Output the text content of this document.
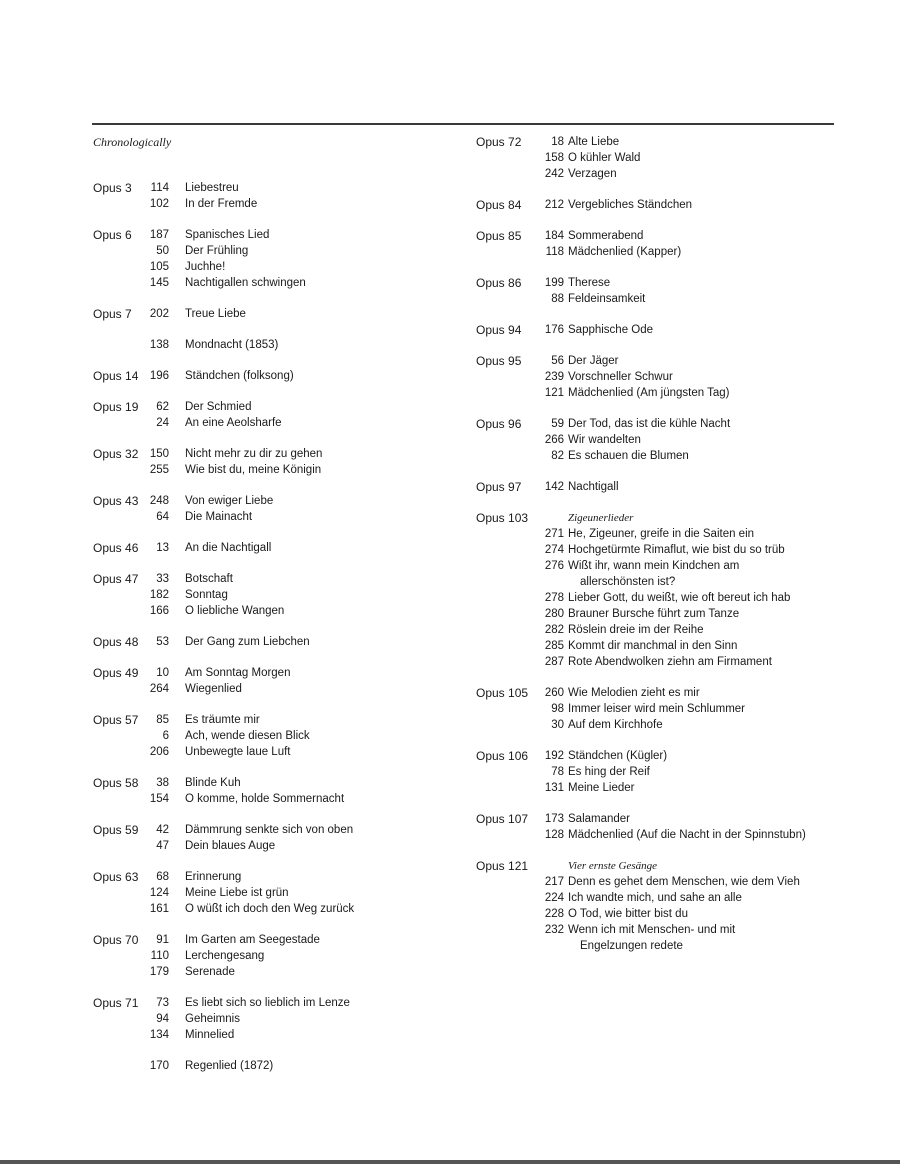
Chronologically
Opus 3	114 Liebestreu
102 In der Fremde
Opus 6	187 Spanisches Lied
50 Der Frühling
105 Juchhe!
145 Nachtigallen schwingen
Opus 7	202 Treue Liebe
138 Mondnacht (1853)
Opus 14 196 Ständchen (folksong)
Opus 19	62 Der Schmied
24 An eine Aeolsharfe
Opus 32 150 Nicht mehr zu dir zu gehen
255 Wie bist du, meine Königin
Opus 43 248 Von ewiger Liebe
64 Die Mainacht
Opus 46	13 An die Nachtigall
Opus 47	33 Botschaft
182 Sonntag
166 O liebliche Wangen
Opus 48	53 Der Gang zum Liebchen
Opus 49	10 Am Sonntag Morgen
264 Wiegenlied
Opus 57	85 Es träumte mir
6 Ach, wende diesen Blick
206 Unbewegte laue Luft
Opus 58	38 Blinde Kuh
154 O komme, holde Sommernacht
Opus 59	42 Dämmrung senkte sich von oben
47 Dein blaues Auge
Opus 63	68 Erinnerung
124 Meine Liebe ist grün
161 O wüßt ich doch den Weg zurück
Opus 70	91 Im Garten am Seegestade
110 Lerchengesang
179 Serenade
Opus 71	73 Es liebt sich so lieblich im Lenze
94 Geheimnis
134 Minnelied
170 Regenlied (1872)
Opus 72	18 Alte Liebe
158 O kühler Wald
242 Verzagen
Opus 84	212 Vergebliches Ständchen
Opus 85	184 Sommerabend
118 Mädchenlied (Kapper)
Opus 86	199 Therese
88 Feldeinsamkeit
Opus 94	176 Sapphische Ode
Opus 95	56 Der Jäger
239 Vorschneller Schwur
121 Mädchenlied (Am jüngsten Tag)
Opus 96	59 Der Tod, das ist die kühle Nacht
266 Wir wandelten
82 Es schauen die Blumen
Opus 97	142 Nachtigall
Opus 103	Zigeunerlieder
271 He, Zigeuner, greife in die Saiten ein
274 Hochgetürmte Rimaflut, wie bist du so trüb
276 Wißt ihr, wann mein Kindchen am
allerschönsten ist?
278 Lieber Gott, du weißt, wie oft bereut ich hab
280 Brauner Bursche führt zum Tanze
282 Röslein dreie im der Reihe
285 Kommt dir manchmal in den Sinn
287 Rote Abendwolken ziehn am Firmament
Opus 105	260 Wie Melodien zieht es mir
98 Immer leiser wird mein Schlummer
30 Auf dem Kirchhofe
Opus 106	192 Ständchen (Kügler)
78 Es hing der Reif
131 Meine Lieder
Opus 107	173 Salamander
128 Mädchenlied (Auf die Nacht in der Spinnstubn)
Opus 121	Vier ernste Gesänge
217 Denn es gehet dem Menschen, wie dem Vieh
224 Ich wandte mich, und sahe an alle
228 O Tod, wie bitter bist du
232 Wenn ich mit Menschen- und mit
Engelzungen redete
